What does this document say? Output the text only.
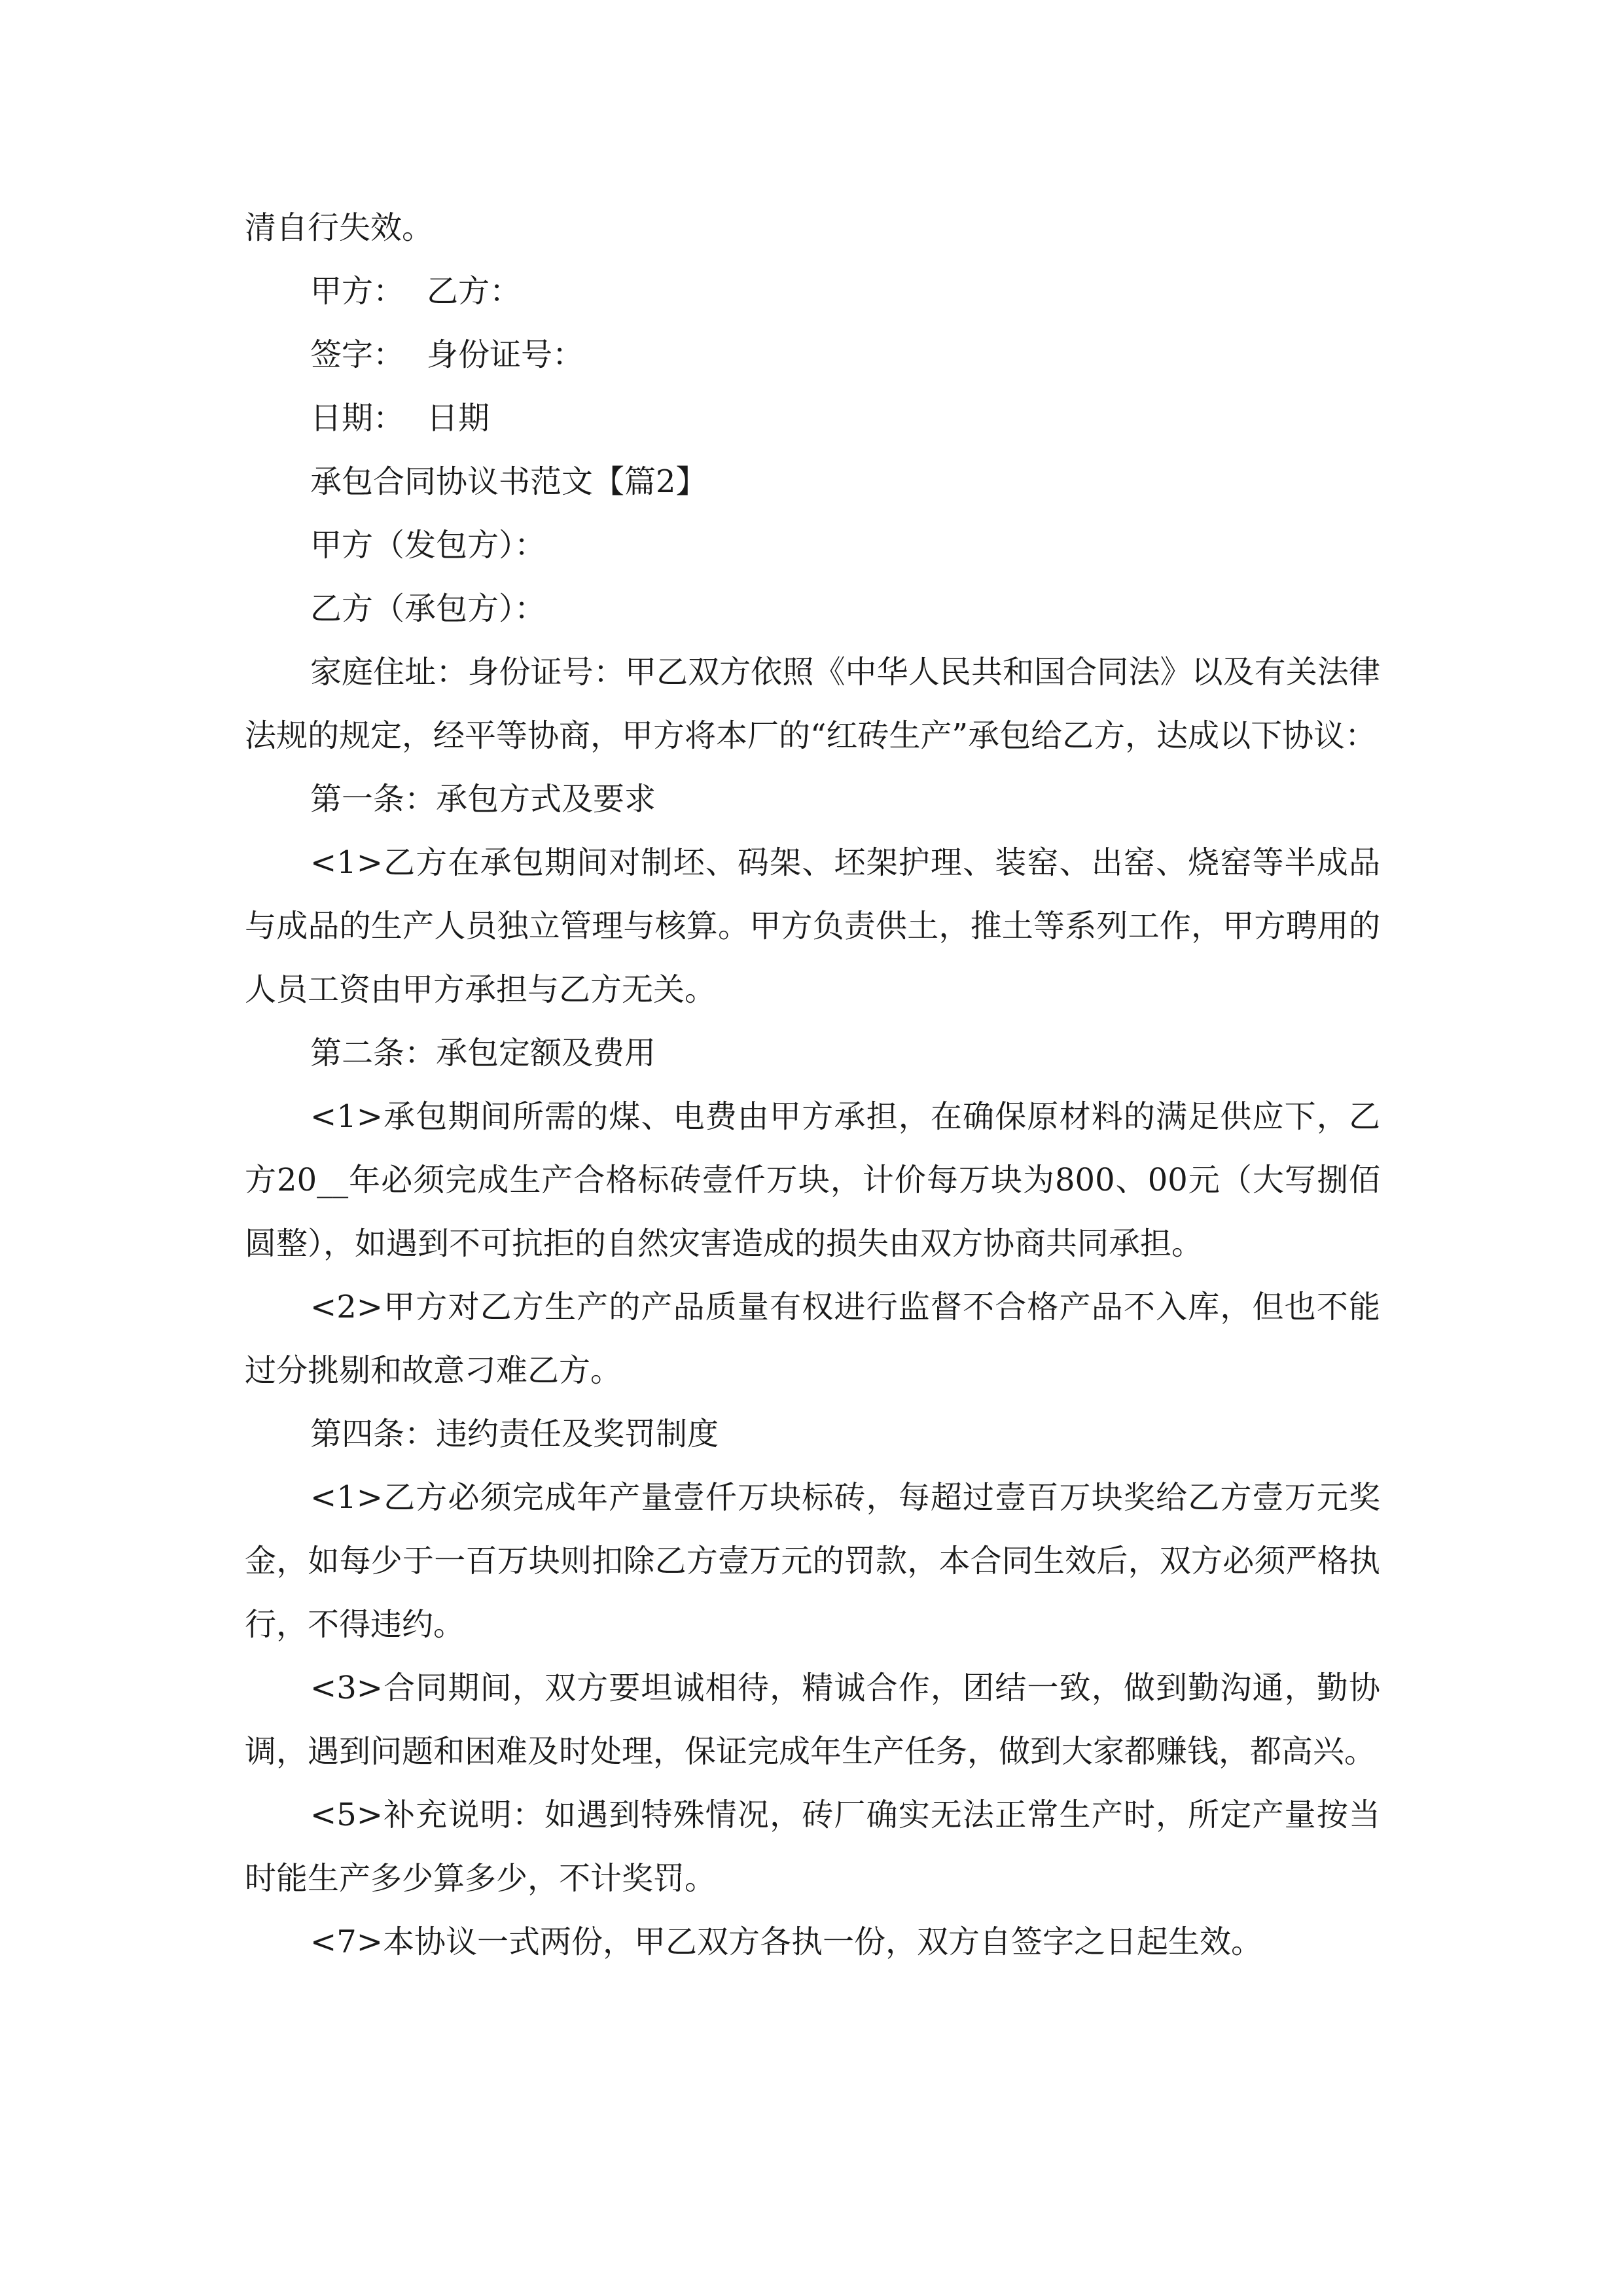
清自行失效。
甲方： 乙方：
签字： 身份证号：
日期： 日期
承包合同协议书范文【篇2】
甲方（发包方）：
乙方（承包方）：

家庭住址：身份证号：甲乙双方依照《中华人民共和国合同法》以及有关法律法规的规定，经平等协商，甲方将本厂的“红砖生产”承包给乙方，达成以下协议：

第一条：承包方式及要求

<1>乙方在承包期间对制坯、码架、坯架护理、装窑、出窑、烧窑等半成品与成品的生产人员独立管理与核算。甲方负责供土，推土等系列工作，甲方聘用的人员工资由甲方承担与乙方无关。

第二条：承包定额及费用

<1>承包期间所需的煤、电费由甲方承担，在确保原材料的满足供应下，乙方20__年必须完成生产合格标砖壹仟万块，计价每万块为800、00元（大写捌佰圆整），如遇到不可抗拒的自然灾害造成的损失由双方协商共同承担。

<2>甲方对乙方生产的产品质量有权进行监督不合格产品不入库，但也不能过分挑剔和故意刁难乙方。

第四条：违约责任及奖罚制度

<1>乙方必须完成年产量壹仟万块标砖，每超过壹百万块奖给乙方壹万元奖金，如每少于一百万块则扣除乙方壹万元的罚款，本合同生效后，双方必须严格执行，不得违约。

<3>合同期间，双方要坦诚相待，精诚合作，团结一致，做到勤沟通，勤协调，遇到问题和困难及时处理，保证完成年生产任务，做到大家都赚钱，都高兴。

<5>补充说明：如遇到特殊情况，砖厂确实无法正常生产时，所定产量按当时能生产多少算多少，不计奖罚。

<7>本协议一式两份，甲乙双方各执一份，双方自签字之日起生效。
